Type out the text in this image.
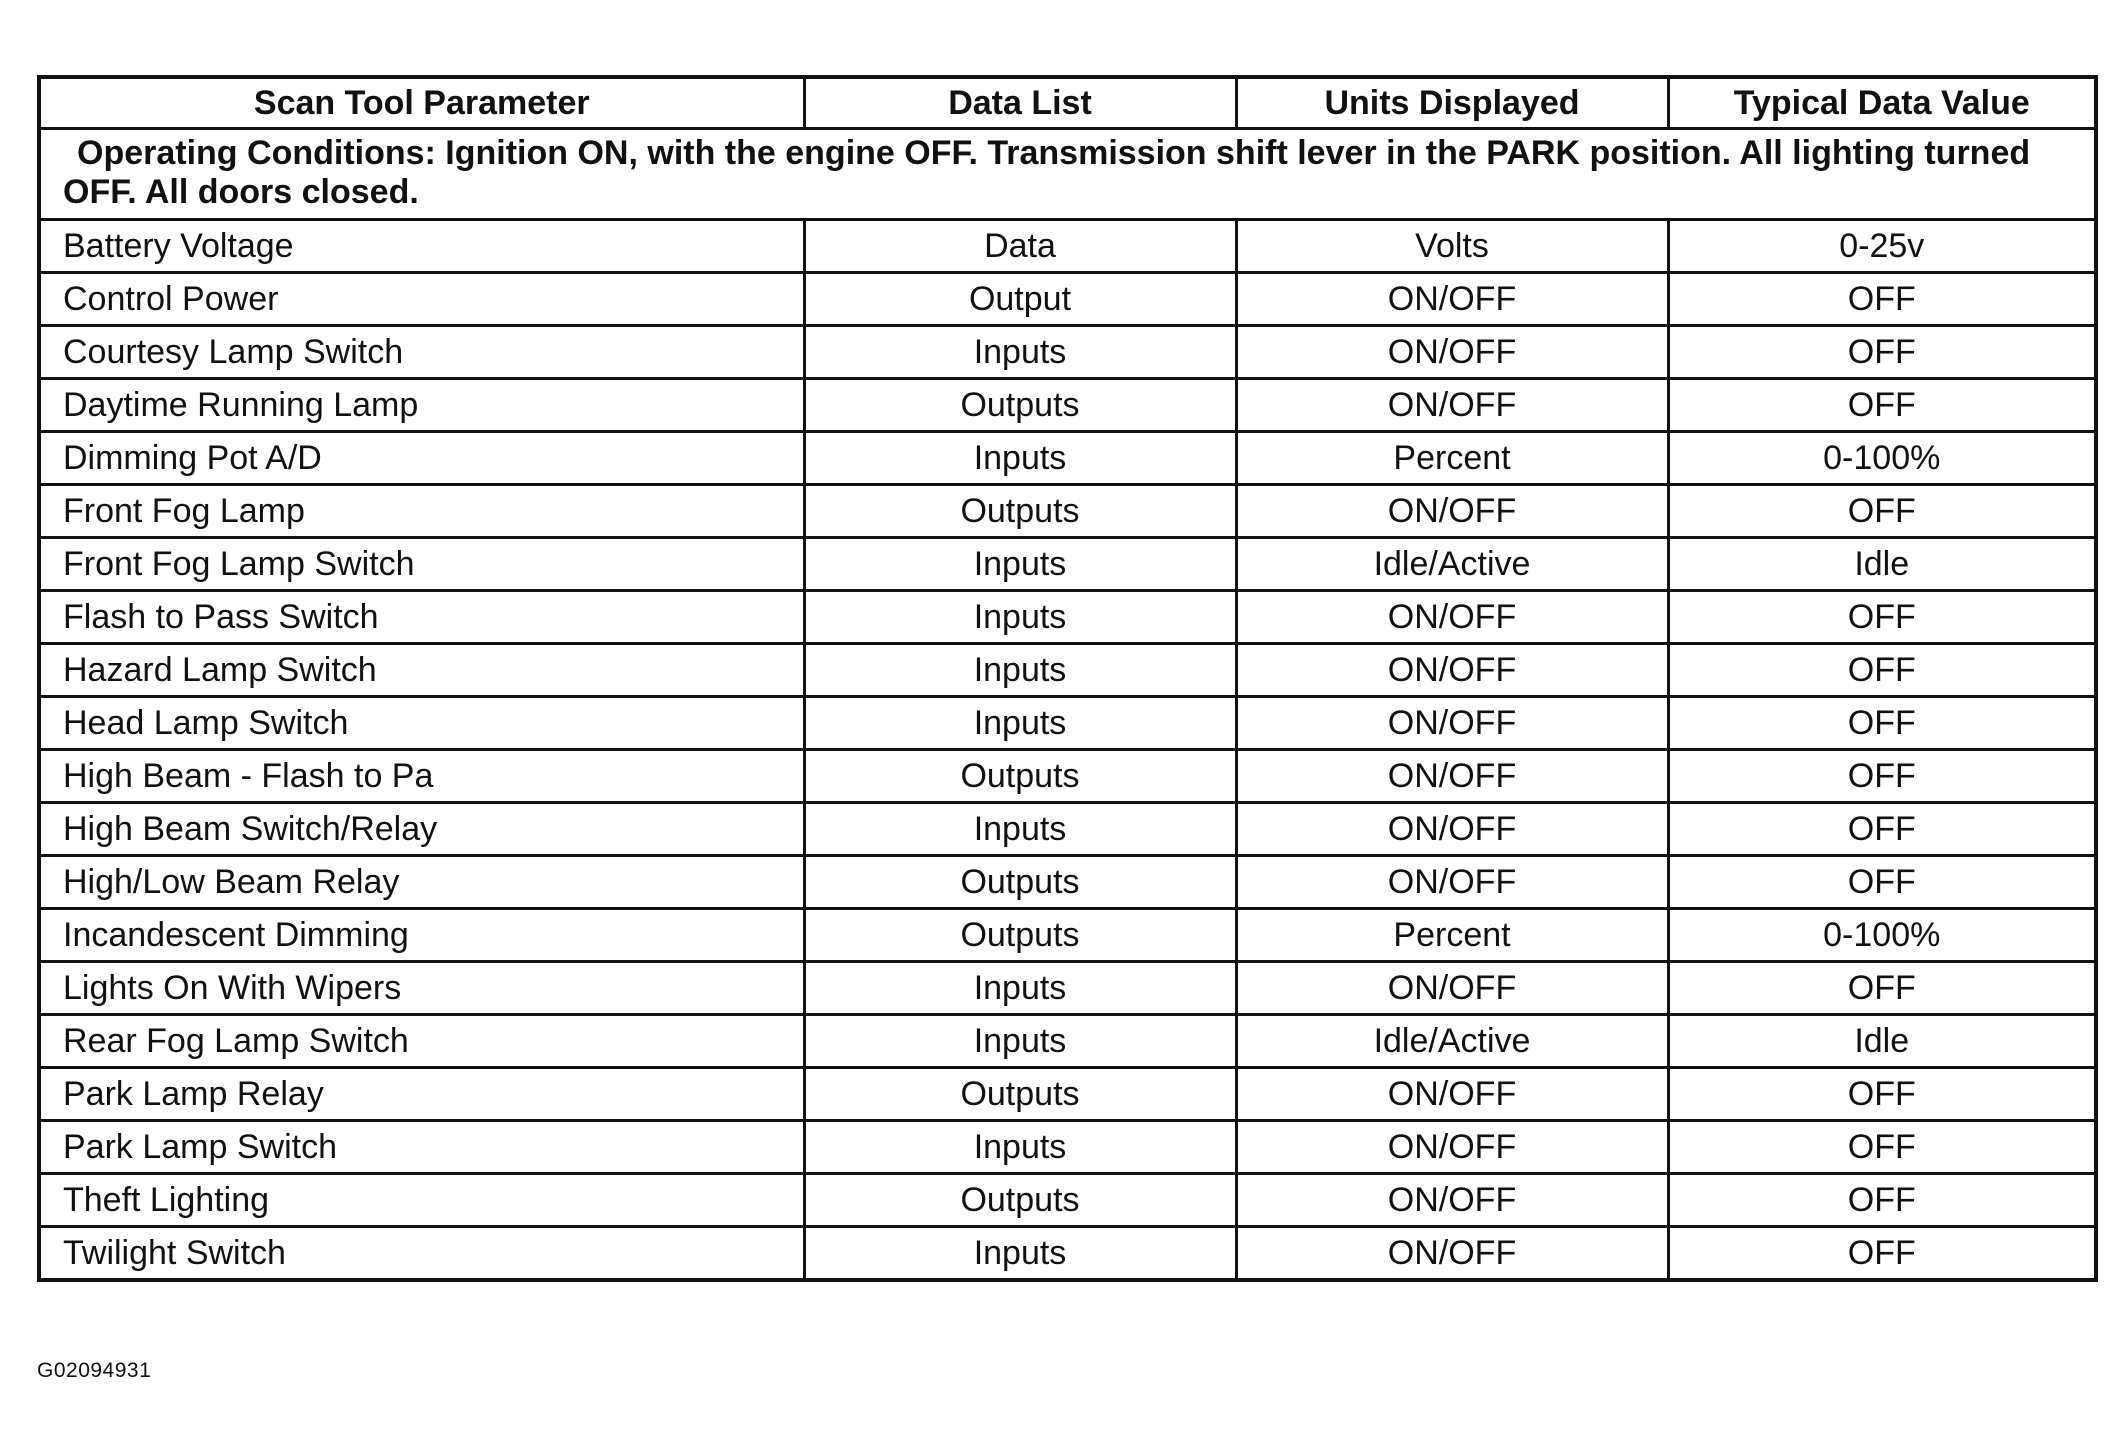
Scan Tool Parameter	Data List	Units Displayed	Typical Data Value
Operating Conditions: Ignition ON, with the engine OFF. Transmission shift lever in the PARK position. All lighting turned OFF. All doors closed.			
Battery Voltage	Data	Volts	0-25v
Control Power	Output	ON/OFF	OFF
Courtesy Lamp Switch	Inputs	ON/OFF	OFF
Daytime Running Lamp	Outputs	ON/OFF	OFF
Dimming Pot A/D	Inputs	Percent	0-100%
Front Fog Lamp	Outputs	ON/OFF	OFF
Front Fog Lamp Switch	Inputs	Idle/Active	Idle
Flash to Pass Switch	Inputs	ON/OFF	OFF
Hazard Lamp Switch	Inputs	ON/OFF	OFF
Head Lamp Switch	Inputs	ON/OFF	OFF
High Beam - Flash to Pa	Outputs	ON/OFF	OFF
High Beam Switch/Relay	Inputs	ON/OFF	OFF
High/Low Beam Relay	Outputs	ON/OFF	OFF
Incandescent Dimming	Outputs	Percent	0-100%
Lights On With Wipers	Inputs	ON/OFF	OFF
Rear Fog Lamp Switch	Inputs	Idle/Active	Idle
Park Lamp Relay	Outputs	ON/OFF	OFF
Park Lamp Switch	Inputs	ON/OFF	OFF
Theft Lighting	Outputs	ON/OFF	OFF
Twilight Switch	Inputs	ON/OFF	OFF
G02094931
